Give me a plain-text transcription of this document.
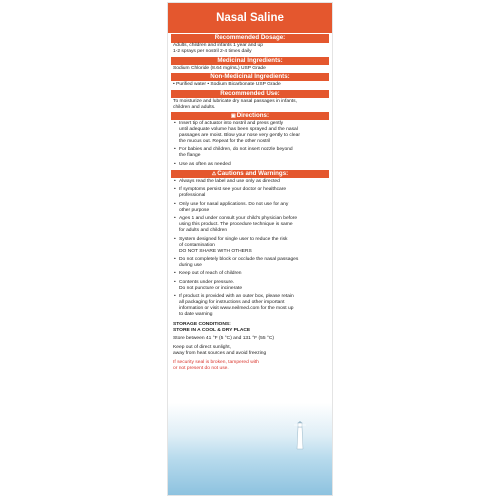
Nasal Saline
Recommended Dosage:
Adults, children and infants 1 year and up
1-2 sprays per nostril 2-4 times daily
Medicinal Ingredients:
Sodium Chloride (8.64 mg/mL) USP Grade
Non-Medicinal Ingredients:
• Purified water • Sodium Bicarbonate USP Grade
Recommended Use:
To moisturize and lubricate dry nasal passages in infants,
children and adults.
▣Directions:
• Insert tip of actuator into nostril and press gently
until adequate volume has been sprayed and the nasal
passages are moist. Blow your nose very gently to clear
the mucus out. Repeat for the other nostril
• For babies and children, do not insert nozzle beyond
the flange
• Use as often as needed
⚠Cautions and Warnings:
• Always read the label and use only as directed
• If symptoms persist see your doctor or healthcare
professional
• Only use for nasal applications. Do not use for any
other purpose
• Ages 1 and under consult your child's physician before
using this product. The procedure technique is same
for adults and children
• System designed for single user to reduce the risk
of contamination
DO NOT SHARE WITH OTHERS
• Do not completely block or occlude the nasal passages
during use
• Keep out of reach of children
• Contents under pressure.
Do not puncture or incinerate
• If product is provided with an outer box, please retain
all packaging for instructions and other important
information or visit www.neilmed.com for the most up
to date warning
STORAGE CONDITIONS:
STORE IN A COOL & DRY PLACE
Store between 41 °F (5 °C) and 131 °F (55 °C)
Keep out of direct sunlight,
away from heat sources and avoid freezing
If security seal is broken, tampered with
or not present do not use.
